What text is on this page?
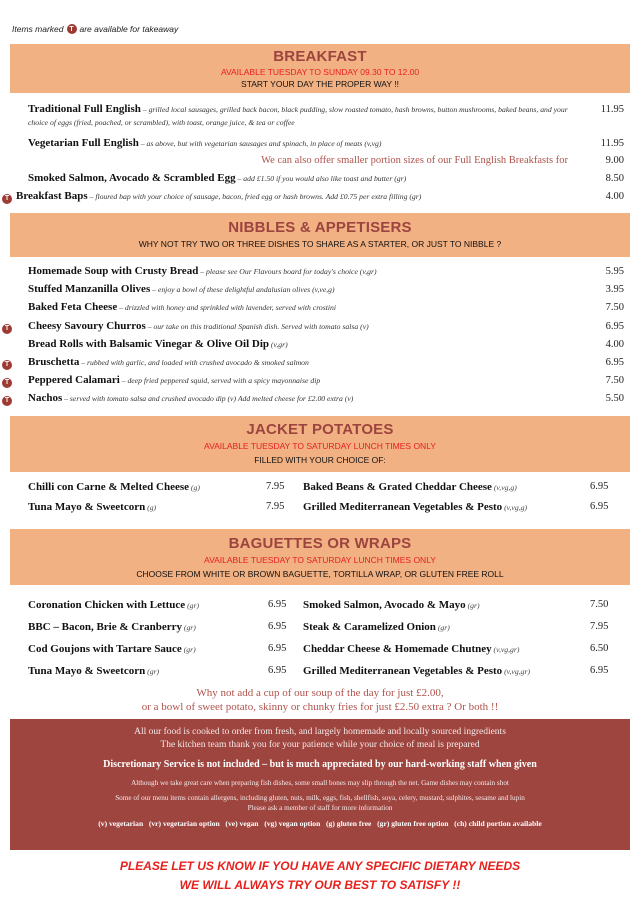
Items marked T are available for takeaway
BREAKFAST
AVAILABLE TUESDAY TO SUNDAY 09.30 TO 12.00
START YOUR DAY THE PROPER WAY !!
Traditional Full English – grilled local sausages, grilled back bacon, black pudding, slow roasted tomato, hash browns, button mushrooms, baked beans, and your choice of eggs (fried, poached, or scrambled), with toast, orange juice, & tea or coffee
11.95
Vegetarian Full English – as above, but with vegetarian sausages and spinach, in place of meats (v,vg)	11.95
We can also offer smaller portion sizes of our Full English Breakfasts for	9.00
Smoked Salmon, Avocado & Scrambled Egg – add £1.50 if you would also like toast and butter (gr)	8.50
T Breakfast Baps – floured bap with your choice of sausage, bacon, fried egg or hash browns. Add £0.75 per extra filling (gr)	4.00
NIBBLES & APPETISERS
WHY NOT TRY TWO OR THREE DISHES TO SHARE AS A STARTER, OR JUST TO NIBBLE ?
Homemade Soup with Crusty Bread – please see Our Flavours board for today's choice (v,gr)	5.95
Stuffed Manzanilla Olives – enjoy a bowl of these delightful andalusian olives (v,ve,g)	3.95
Baked Feta Cheese – drizzled with honey and sprinkled with lavender, served with crostini	7.50
T Cheesy Savoury Churros – our take on this traditional Spanish dish. Served with tomato salsa (v)	6.95
Bread Rolls with Balsamic Vinegar & Olive Oil Dip (v,gr)	4.00
T Bruschetta – rubbed with garlic, and loaded with crushed avocado & smoked salmon	6.95
T Peppered Calamari – deep fried peppered squid, served with a spicy mayonnaise dip	7.50
T Nachos – served with tomato salsa and crushed avocado dip (v) Add melted cheese for £2.00 extra (v)	5.50
JACKET POTATOES
AVAILABLE TUESDAY TO SATURDAY LUNCH TIMES ONLY
FILLED WITH YOUR CHOICE OF:
Chilli con Carne & Melted Cheese (g)	7.95 Baked Beans & Grated Cheddar Cheese (v,vg,g)	6.95
Tuna Mayo & Sweetcorn (g)	7.95 Grilled Mediterranean Vegetables & Pesto (v,vg,g)	6.95
BAGUETTES OR WRAPS
AVAILABLE TUESDAY TO SATURDAY LUNCH TIMES ONLY
CHOOSE FROM WHITE OR BROWN BAGUETTE, TORTILLA WRAP, OR GLUTEN FREE ROLL
Coronation Chicken with Lettuce (gr)	6.95 Smoked Salmon, Avocado & Mayo (gr)	7.50
BBC – Bacon, Brie & Cranberry (gr)	6.95 Steak & Caramelized Onion (gr)	7.95
Cod Goujons with Tartare Sauce (gr)	6.95 Cheddar Cheese & Homemade Chutney (v,vg,gr)	6.50
Tuna Mayo & Sweetcorn (gr)	6.95 Grilled Mediterranean Vegetables & Pesto (v,vg,gr)	6.95
Why not add a cup of our soup of the day for just £2.00,
or a bowl of sweet potato, skinny or chunky fries for just £2.50 extra ? Or both !!
All our food is cooked to order from fresh, and largely homemade and locally sourced ingredients
The kitchen team thank you for your patience while your choice of meal is prepared
Discretionary Service is not included – but is much appreciated by our hard-working staff when given
Although we take great care when preparing fish dishes, some small bones may slip through the net. Game dishes may contain shot
Some of our menu items contain allergens, including gluten, nuts, milk, eggs, fish, shellfish, soya, celery, mustard, sulphites, sesame and lupin
Please ask a member of staff for more information
(v) vegetarian   (vr) vegetarian option   (ve) vegan   (vg) vegan option   (g) gluten free   (gr) gluten free option   (ch) child portion available
PLEASE LET US KNOW IF YOU HAVE ANY SPECIFIC DIETARY NEEDS
WE WILL ALWAYS TRY OUR BEST TO SATISFY !!
